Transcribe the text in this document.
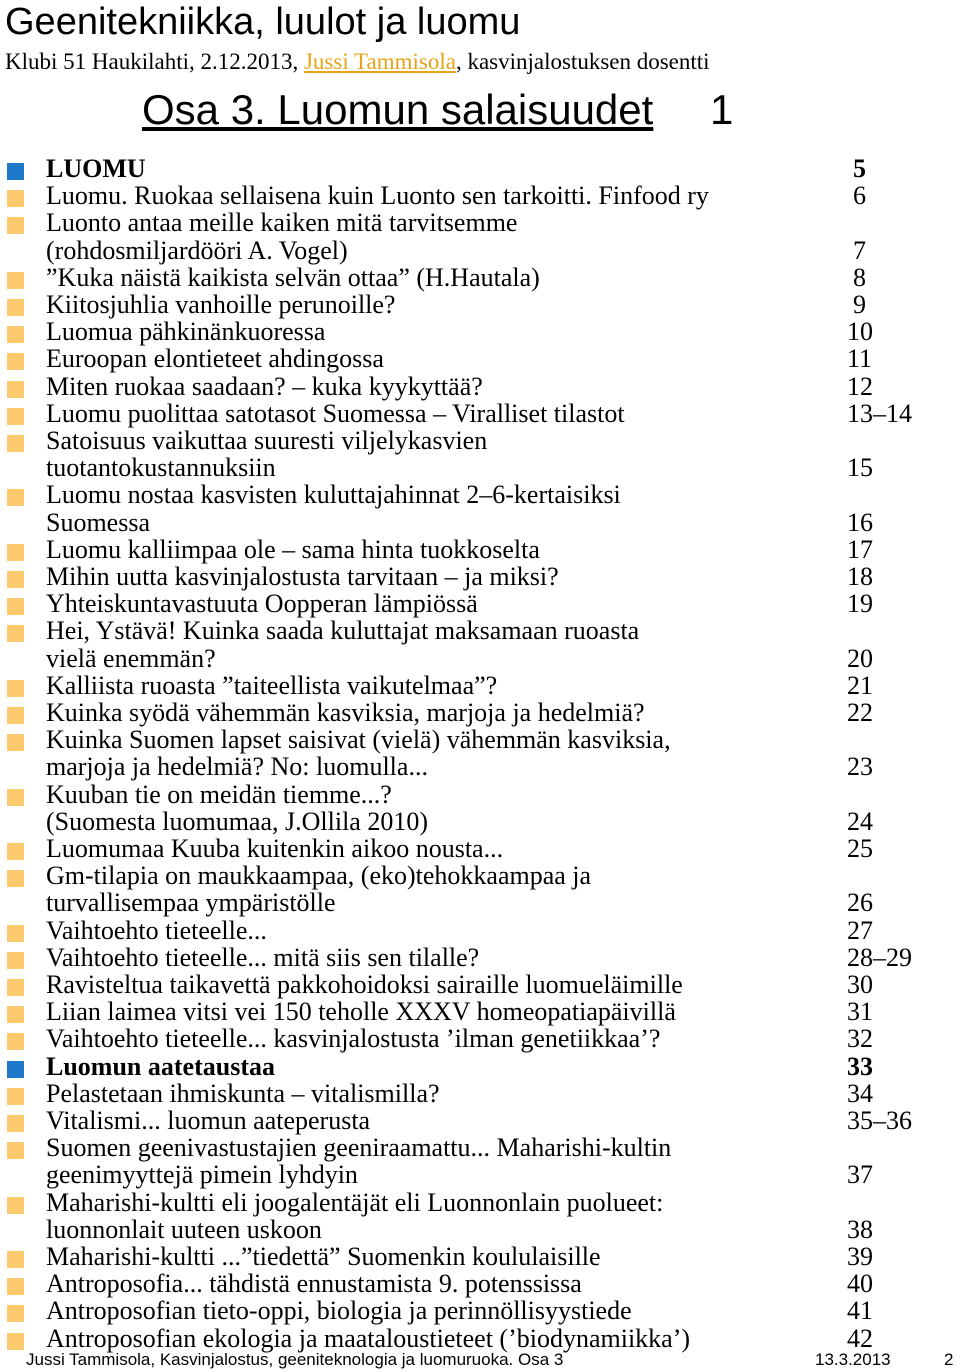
Geenitekniikka, luulot ja luomu
Klubi 51 Haukilahti, 2.12.2013, Jussi Tammisola, kasvinjalostuksen dosentti
Osa 3. Luomun salaisuudet 1
LUOMU	5
Luomu. Ruokaa sellaisena kuin Luonto sen tarkoitti. Finfood ry	6
Luonto antaa meille kaiken mitä tarvitsemme
(rohdosmiljardööri A. Vogel)	7
”Kuka näistä kaikista selvän ottaa” (H.Hautala)	8
Kiitosjuhlia vanhoille perunoille?	9
Luomua pähkinänkuoressa	10
Euroopan elontieteet ahdingossa	11
Miten ruokaa saadaan? – kuka kyykyttää?	12
Luomu puolittaa satotasot Suomessa – Viralliset tilastot	13–14
Satoisuus vaikuttaa suuresti viljelykasvien
tuotantokustannuksiin	15
Luomu nostaa kasvisten kuluttajahinnat 2–6-kertaisiksi
Suomessa	16
Luomu kalliimpaa ole – sama hinta tuokkoselta	17
Mihin uutta kasvinjalostusta tarvitaan – ja miksi?	18
Yhteiskuntavastuuta Oopperan lämpiössä	19
Hei, Ystävä! Kuinka saada kuluttajat maksamaan ruoasta
vielä enemmän?	20
Kalliista ruoasta ”taiteellista vaikutelmaa”?	21
Kuinka syödä vähemmän kasviksia, marjoja ja hedelmiä?	22
Kuinka Suomen lapset saisivat (vielä) vähemmän kasviksia,
marjoja ja hedelmiä? No: luomulla...	23
Kuuban tie on meidän tiemme...?
(Suomesta luomumaa, J.Ollila 2010)	24
Luomumaa Kuuba kuitenkin aikoo nousta...	25
Gm-tilapia on maukkaampaa, (eko)tehokkaampaa ja
turvallisempaa ympäristölle	26
Vaihtoehto tieteelle...	27
Vaihtoehto tieteelle... mitä siis sen tilalle?	28–29
Ravisteltua taikavettä pakkohoidoksi sairaille luomueläimille	30
Liian laimea vitsi vei 150 teholle XXXV homeopatiapäivillä	31
Vaihtoehto tieteelle... kasvinjalostusta ’ilman genetiikkaa’?	32
Luomun aatetaustaa	33
Pelastetaan ihmiskunta – vitalismilla?	34
Vitalismi... luomun aateperusta	35–36
Suomen geenivastustajien geeniraamattu... Maharishi-kultin
geenimyyttejä pimein lyhdyin	37
Maharishi-kultti eli joogalentäjät eli Luonnonlain puolueet:
luonnonlait uuteen uskoon	38
Maharishi-kultti ...”tiedettä” Suomenkin koululaisille	39
Antroposofia... tähdistä ennustamista 9. potenssissa	40
Antroposofian tieto-oppi, biologia ja perinnöllisyystiede	41
Antroposofian ekologia ja maataloustieteet (’biodynamiikka’)	42
Jussi Tammisola, Kasvinjalostus, geeniteknologia ja luomuruoka. Osa 3	13.3.2013	2
